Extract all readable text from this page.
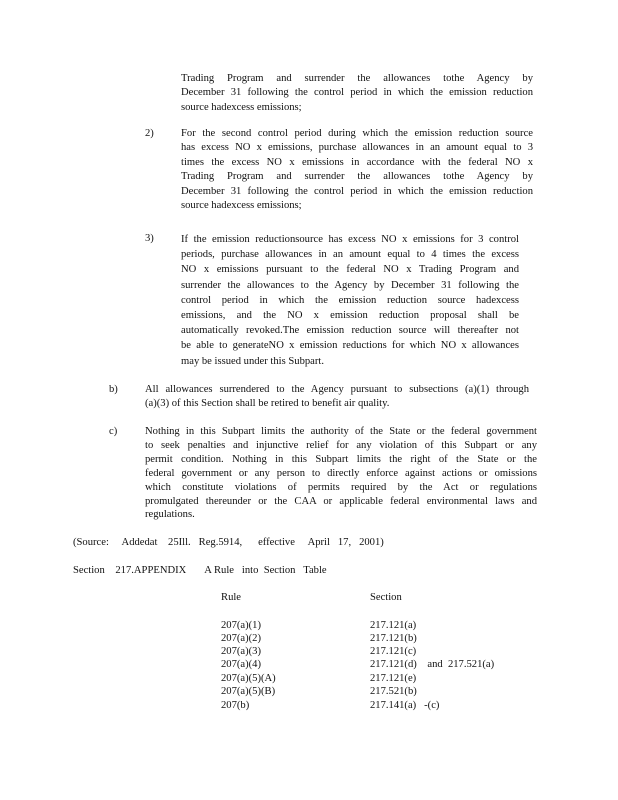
Trading Program and surrender the allowances tothe Agency by
December 31 following the control period in which the emission reduction
source hadexcess emissions;
2)	For the second control period during which the emission reduction source
has excess NO x emissions, purchase allowances in an amount equal to 3
times the excess NO x emissions in accordance with the federal NO x
Trading Program and surrender the allowances tothe Agency by
December 31 following the control period in which the emission reduction
source hadexcess emissions;
3)	If the emission reductionsource has excess NO x emissions for 3 control
periods, purchase allowances in an amount equal to 4 times the excess
NO x emissions pursuant to the federal NO x Trading Program and
surrender the allowances to the Agency by December 31 following the
control period in which the emission reduction source hadexcess
emissions, and the NO x emission reduction proposal shall be
automatically revoked.The emission reduction source will thereafter not
be able to generateNO x emission reductions for which NO x allowances
may be issued under this Subpart.
b)	All allowances surrendered to the Agency pursuant to subsections (a)(1) through
(a)(3) of this Section shall be retired to benefit air quality.
c)	Nothing in this Subpart limits the authority of the State or the federal government
to seek penalties and injunctive relief for any violation of this Subpart or any
permit condition. Nothing in this Subpart limits the right of the State or the
federal government or any person to directly enforce against actions or omissions
which constitute violations of permits required by the Act or regulations
promulgated thereunder or the CAA or applicable federal environmental laws and
regulations.
(Source:     Addedat    25Ill.   Reg.5914,      effective     April   17,   2001)
Section    217.APPENDIX       A Rule   into  Section   Table
Rule	Section
207(a)(1)	217.121(a)
207(a)(2)	217.121(b)
207(a)(3)	217.121(c)
207(a)(4)	217.121(d)    and  217.521(a)
207(a)(5)(A)	217.121(e)
207(a)(5)(B)	217.521(b)
207(b)	217.141(a)   -(c)
